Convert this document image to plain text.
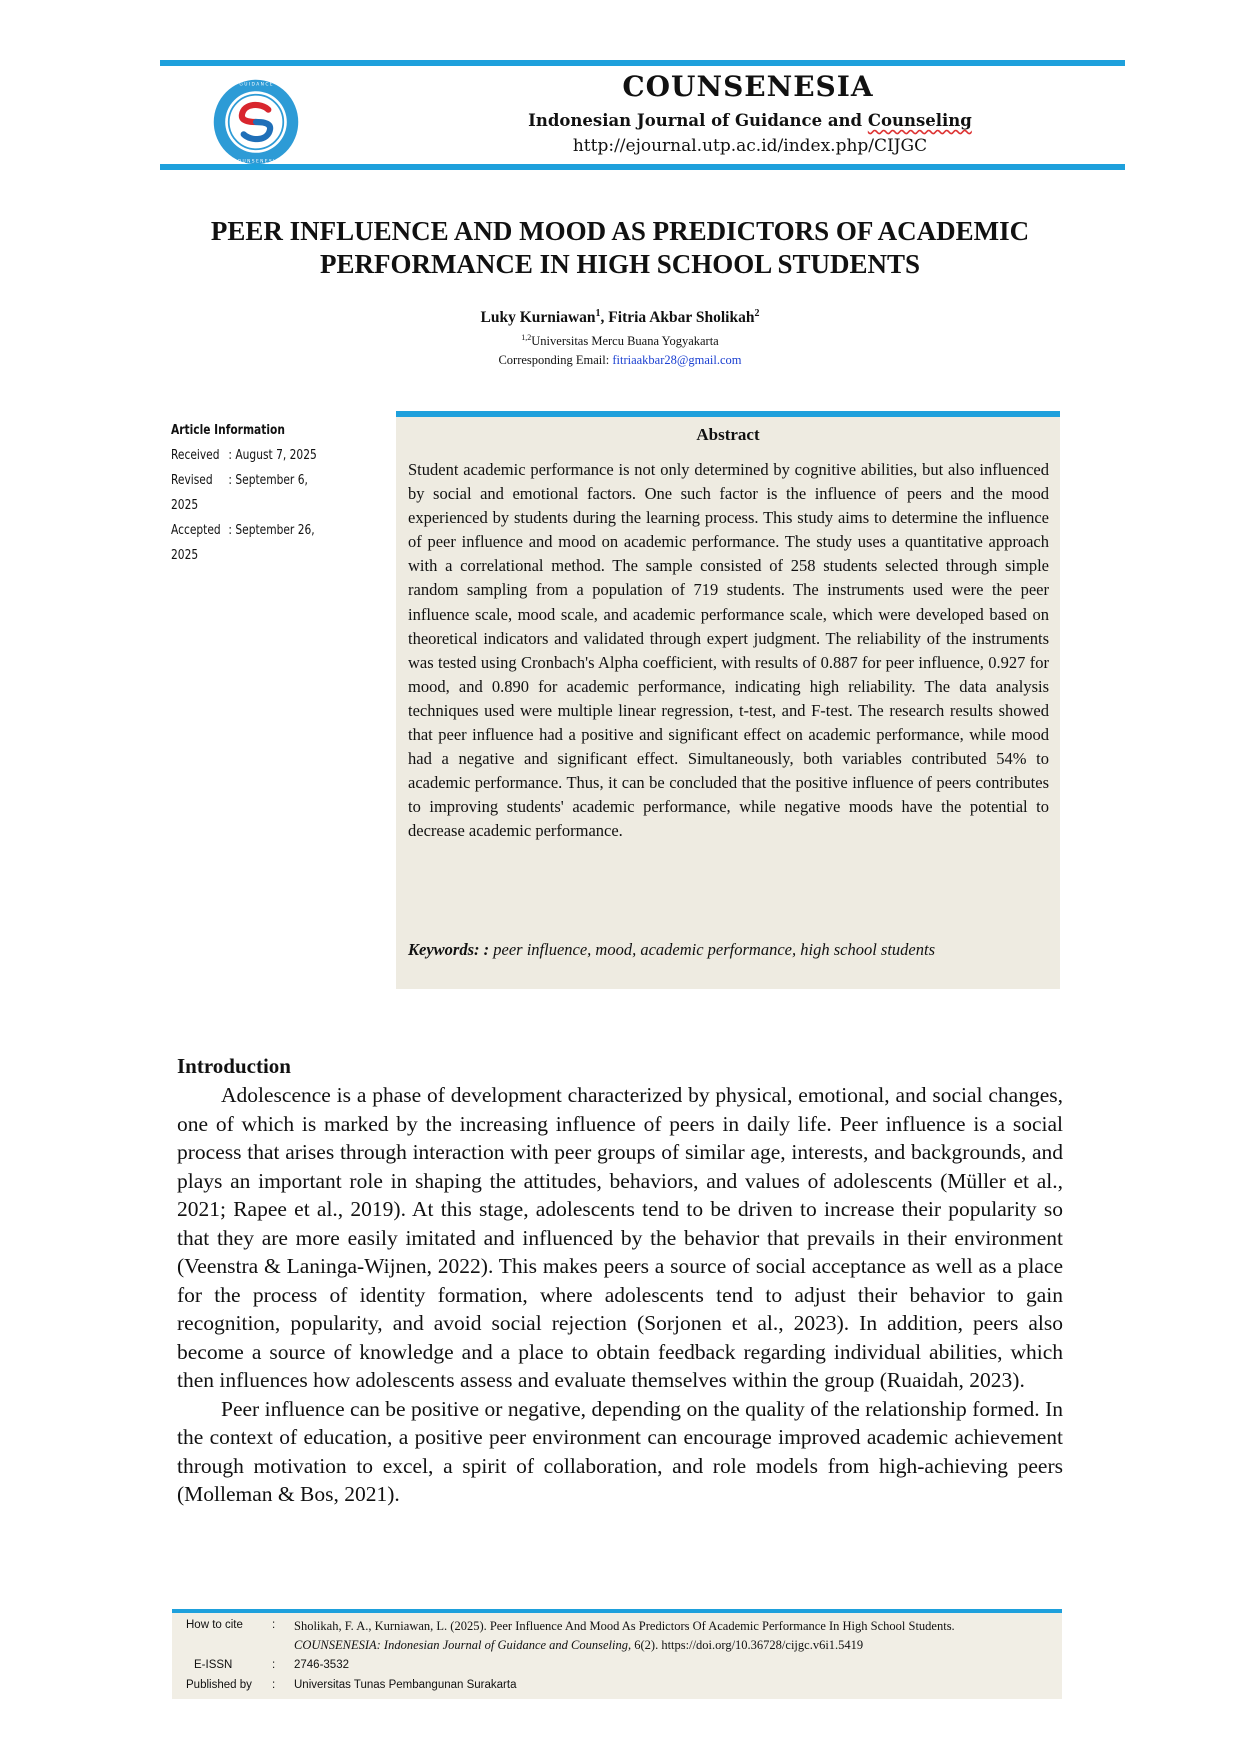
G U I D A N C E
C O U N S E N E S I A
COUNSENESIA
Indonesian Journal of Guidance and Counseling
http://ejournal.utp.ac.id/index.php/CIJGC
PEER INFLUENCE AND MOOD AS PREDICTORS OF ACADEMIC
PERFORMANCE IN HIGH SCHOOL STUDENTS
Luky Kurniawan$^1$, Fitria Akbar Sholikah$^2$
$^{1,2}$Universitas Mercu Buana Yogyakarta
Corresponding Email: fitriaakbar28@gmail.com
Article Information
Received : August 7, 2025
Revised : September 6, 2025
Accepted : September 26, 2025
Abstract
Student academic performance is not only determined by cognitive abilities, but also influenced by social and emotional factors. One such factor is the influence of peers and the mood experienced by students during the learning process. This study aims to determine the influence of peer influence and mood on academic performance. The study uses a quantitative approach with a correlational method. The sample consisted of 258 students selected through simple random sampling from a population of 719 students. The instruments used were the peer influence scale, mood scale, and academic performance scale, which were developed based on theoretical indicators and validated through expert judgment. The reliability of the instruments was tested using Cronbach's Alpha coefficient, with results of 0.887 for peer influence, 0.927 for mood, and 0.890 for academic performance, indicating high reliability. The data analysis techniques used were multiple linear regression, t-test, and F-test. The research results showed that peer influence had a positive and significant effect on academic performance, while mood had a negative and significant effect. Simultaneously, both variables contributed 54% to academic performance. Thus, it can be concluded that the positive influence of peers contributes to improving students' academic performance, while negative moods have the potential to decrease academic performance.
Keywords: : peer influence, mood, academic performance, high school students
Introduction

Adolescence is a phase of development characterized by physical, emotional, and social changes, one of which is marked by the increasing influence of peers in daily life. Peer influence is a social process that arises through interaction with peer groups of similar age, interests, and backgrounds, and plays an important role in shaping the attitudes, behaviors, and values of adolescents (Müller et al., 2021; Rapee et al., 2019). At this stage, adolescents tend to be driven to increase their popularity so that they are more easily imitated and influenced by the behavior that prevails in their environment (Veenstra & Laninga-Wijnen, 2022). This makes peers a source of social acceptance as well as a place for the process of identity formation, where adolescents tend to adjust their behavior to gain recognition, popularity, and avoid social rejection (Sorjonen et al., 2023). In addition, peers also become a source of knowledge and a place to obtain feedback regarding individual abilities, which then influences how adolescents assess and evaluate themselves within the group (Ruaidah, 2023).

Peer influence can be positive or negative, depending on the quality of the relationship formed. In the context of education, a positive peer environment can encourage improved academic achievement through motivation to excel, a spirit of collaboration, and role models from high-achieving peers (Molleman & Bos, 2021).

How to cite	: Sholikah, F. A., Kurniawan, L. (2025). Peer Influence And Mood As Predictors Of Academic Performance In High School Students.
COUNSENESIA: Indonesian Journal of Guidance and Counseling, 6(2). https://doi.org/10.36728/cijgc.v6i1.5419
E-ISSN	: 2746-3532
Published by	: Universitas Tunas Pembangunan Surakarta
